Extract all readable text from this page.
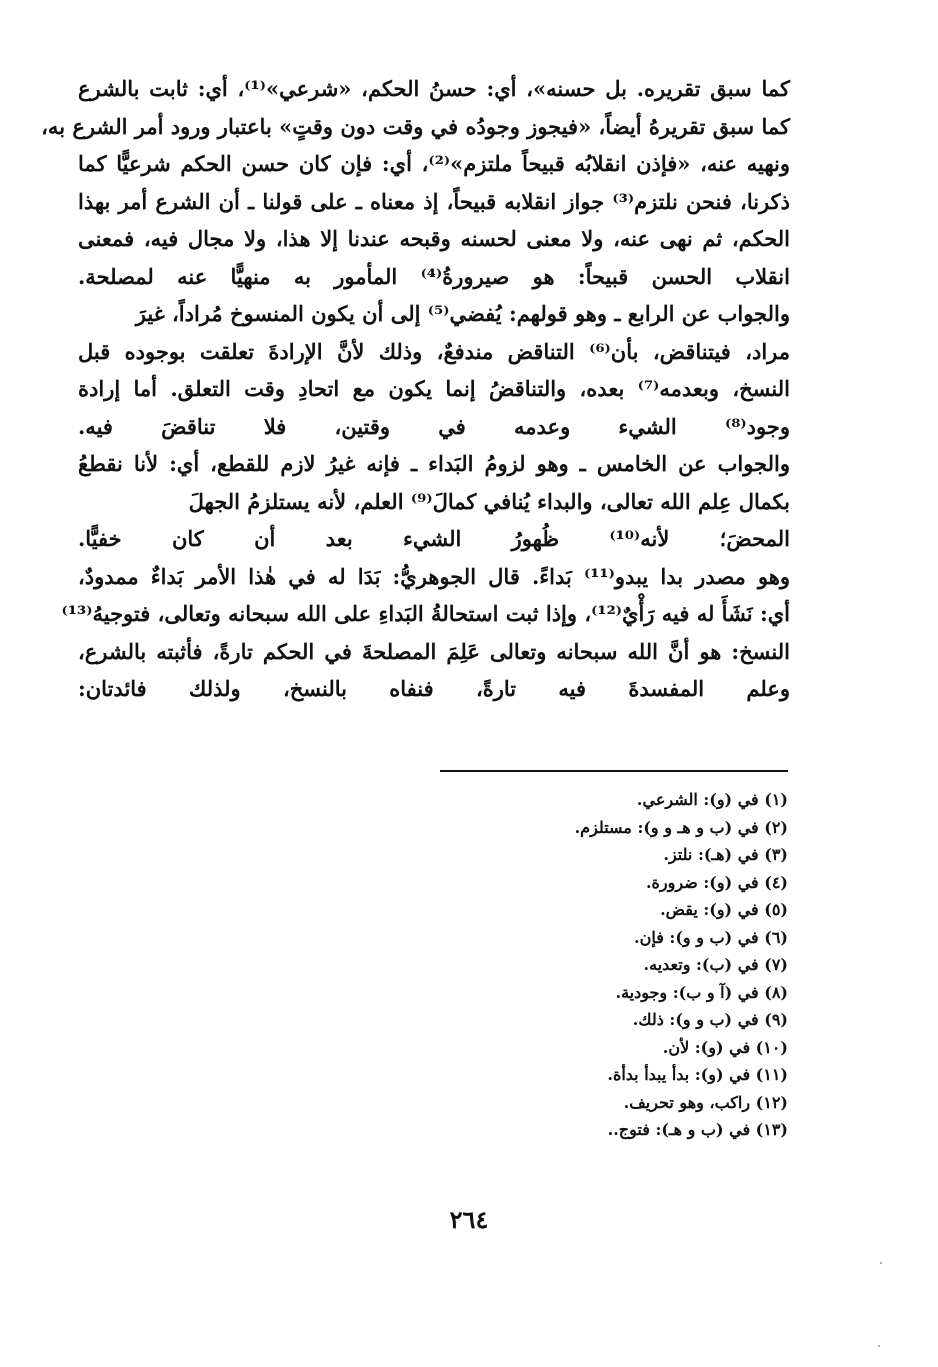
كما سبق تقريره. بل حسنه»، أي: حسنُ الحكم، «شرعي»⁽¹⁾، أي: ثابت بالشرع
كما سبق تقريرهُ أيضاً، «فيجوز وجودُه في وقت دون وقتٍ» باعتبار ورود أمر الشرع به،
ونهيه عنه، «فإذن انقلابُه قبيحاً ملتزم»⁽²⁾، أي: فإن كان حسن الحكم شرعيًّا كما
ذكرنا، فنحن نلتزم⁽³⁾ جواز انقلابه قبيحاً، إذ معناه ـ على قولنا ـ أن الشرع أمر بهذا
الحكم، ثم نهى عنه، ولا معنى لحسنه وقبحه عندنا إلا هذا، ولا مجال فيه، فمعنى
انقلاب الحسن قبيحاً: هو صيرورةُ⁽⁴⁾ المأمور به منهيًّا عنه لمصلحة.
والجواب عن الرابع ـ وهو قولهم: يُفضي⁽⁵⁾ إلى أن يكون المنسوخ مُراداً، غيرَ
مراد، فيتناقض، بأن⁽⁶⁾ التناقض مندفعٌ، وذلك لأنَّ الإرادةَ تعلقت بوجوده قبل
النسخ، وبعدمه⁽⁷⁾ بعده، والتناقضُ إنما يكون مع اتحادِ وقت التعلق. أما إرادة
وجود⁽⁸⁾ الشيء وعدمه في وقتين، فلا تناقضَ فيه.
والجواب عن الخامس ـ وهو لزومُ البَداء ـ فإنه غيرُ لازم للقطع، أي: لأنا نقطعُ
بكمال عِلم الله تعالى، والبداء يُنافي كمالَ⁽⁹⁾ العلم، لأنه يستلزمُ الجهلَ
المحضَ؛ لأنه⁽¹⁰⁾ ظُهورُ الشيء بعد أن كان خفيًّا.
وهو مصدر بدا يبدو⁽¹¹⁾ بَداءً. قال الجوهريُّ: بَدَا له في هٰذا الأمر بَداءٌ ممدودٌ،
أي: نَشَأَ له فيه رَأْيٌ⁽¹²⁾، وإذا ثبت استحالةُ البَداءِ على الله سبحانه وتعالى، فتوجيهُ⁽¹³⁾
النسخ: هو أنَّ الله سبحانه وتعالى عَلِمَ المصلحةَ في الحكم تارةً، فأثبته بالشرع،
وعلم المفسدةَ فيه تارةً، فنفاه بالنسخ، ولذلك فائدتان:
(١) في (و): الشرعي.
(٢) في (ب و هـ و و): مستلزم.
(٣) في (هـ): نلتز.
(٤) في (و): ضرورة.
(٥) في (و): يقض.
(٦) في (ب و و): فإن.
(٧) في (ب): وتعديه.
(٨) في (آ و ب): وجودية.
(٩) في (ب و و): ذلك.
(١٠) في (و): لأن.
(١١) في (و): بدأ يبدأ بدأة.
(١٢) راكب، وهو تحريف.
(١٣) في (ب و هـ): فتوج..
٢٦٤
